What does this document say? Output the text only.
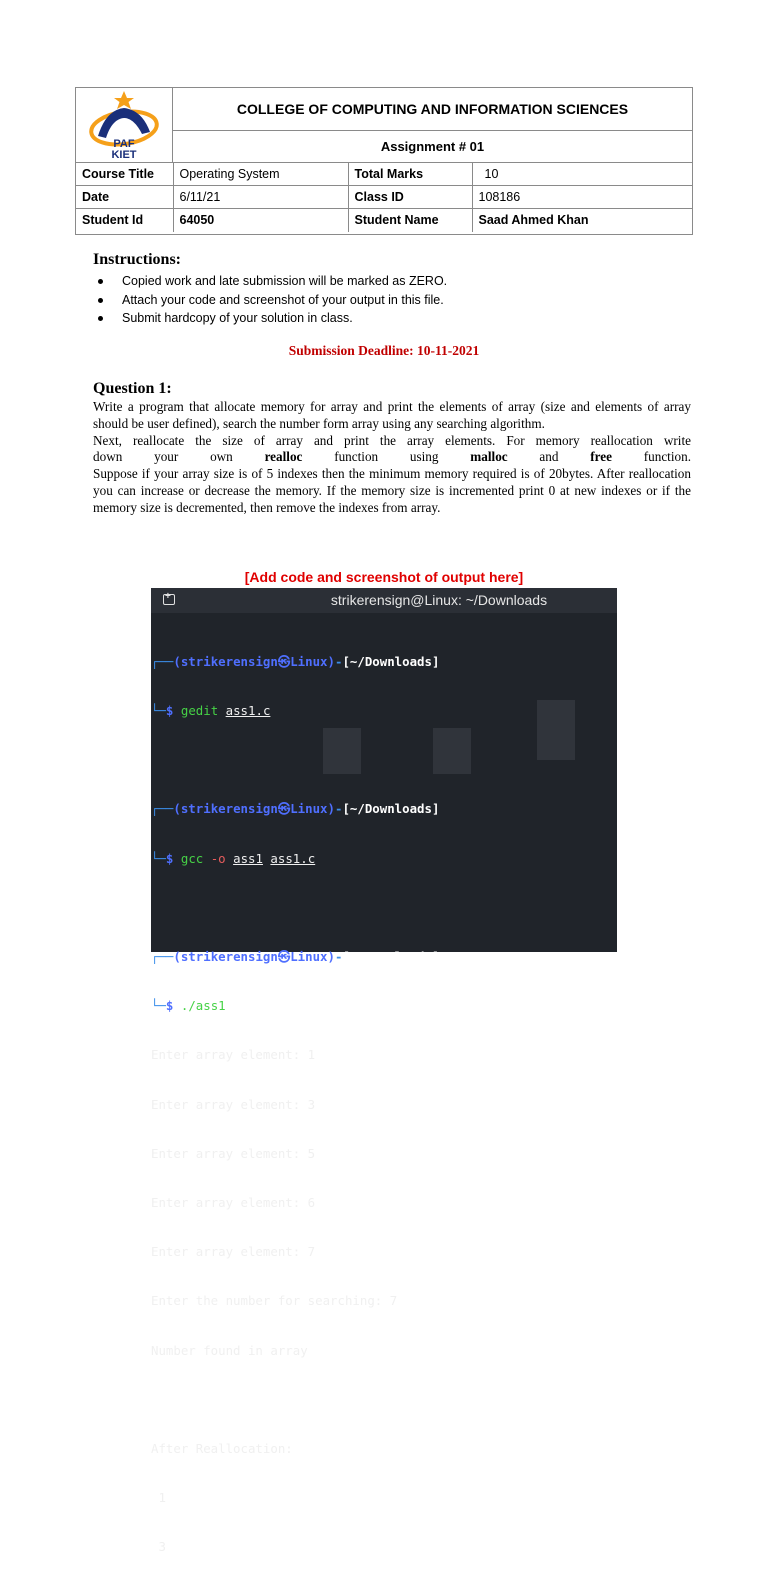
PAF
KIET
COLLEGE OF COMPUTING AND INFORMATION SCIENCES
Assignment # 01
Course Title	Operating System	Total Marks	10
Date	6/11/21	Class ID	108186
Student Id	64050	Student Name	Saad Ahmed Khan
Instructions:
Copied work and late submission will be marked as ZERO.
Attach your code and screenshot of your output in this file.
Submit hardcopy of your solution in class.
Submission Deadline: 10-11-2021
Question 1:

Write a program that allocate memory for array and print the elements of array (size and elements of array should be user defined), search the number form array using any searching algorithm.

Next, reallocate the size of array and print the array elements. For memory reallocation write

down your own realloc function using malloc and free function.

Suppose if your array size is of 5 indexes then the minimum memory required is of 20bytes. After reallocation you can increase or decrease the memory. If the memory size is incremented print 0 at new indexes or if the memory size is decremented, then remove the indexes from array.

[Add code and screenshot of output here]
+
strikerensign@Linux: ~/Downloads

┌──(strikerensign㉿Linux)-[~/Downloads]

└─$ gedit ass1.c

┌──(strikerensign㉿Linux)-[~/Downloads]

└─$ gcc -o ass1 ass1.c

┌──(strikerensign㉿Linux)-[~/Downloads]

└─$ ./ass1

Enter array element: 1

Enter array element: 3

Enter array element: 5

Enter array element: 6

Enter array element: 7

Enter the number for searching: 7

Number found in array

After Reallocation:

1

3
